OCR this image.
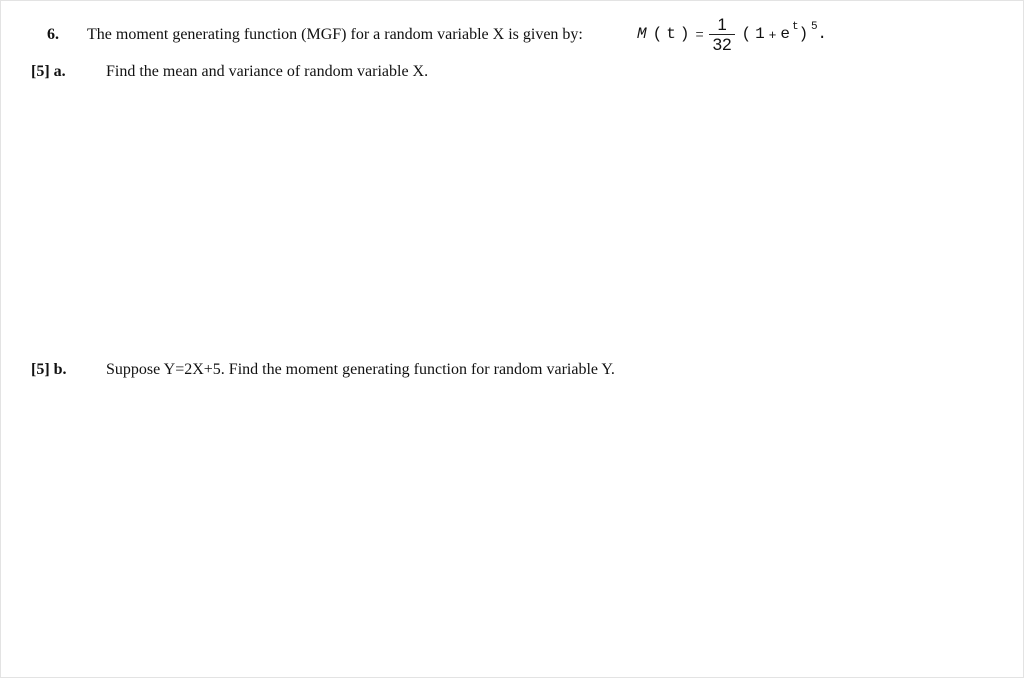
6. The moment generating function (MGF) for a random variable X is given by:	M ( t ) = $\frac{1}{32}$ ( 1 + e t ) 5 .
[5] a.	Find the mean and variance of random variable X.
[5] b. Suppose Y=2X+5. Find the moment generating function for random variable Y.
